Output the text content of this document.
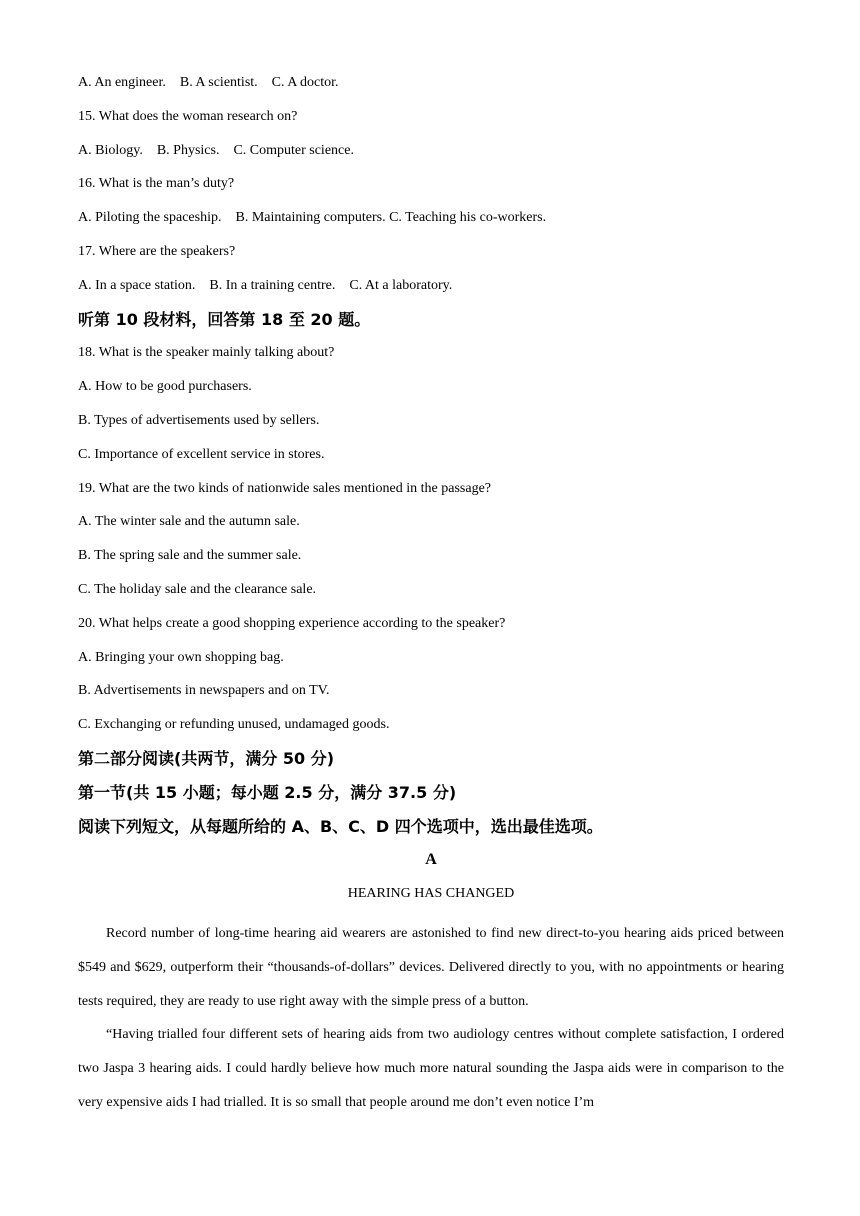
A. An engineer.    B. A scientist.    C. A doctor.
15. What does the woman research on?
A. Biology.    B. Physics.    C. Computer science.
16. What is the man’s duty?
A. Piloting the spaceship.    B. Maintaining computers. C. Teaching his co-workers.
17. Where are the speakers?
A. In a space station.    B. In a training centre.    C. At a laboratory.
听第 10 段材料，回答第 18 至 20 题。
18. What is the speaker mainly talking about?
A. How to be good purchasers.
B. Types of advertisements used by sellers.
C. Importance of excellent service in stores.
19. What are the two kinds of nationwide sales mentioned in the passage?
A. The winter sale and the autumn sale.
B. The spring sale and the summer sale.
C. The holiday sale and the clearance sale.
20. What helps create a good shopping experience according to the speaker?
A. Bringing your own shopping bag.
B. Advertisements in newspapers and on TV.
C. Exchanging or refunding unused, undamaged goods.
第二部分阅读(共两节，满分 50 分)
第一节(共 15 小题；每小题 2.5 分，满分 37.5 分)
阅读下列短文，从每题所给的 A、B、C、D 四个选项中，选出最佳选项。
A
HEARING HAS CHANGED

Record number of long-time hearing aid wearers are astonished to find new direct-to-you hearing aids priced between $549 and $629, outperform their “thousands-of-dollars” devices. Delivered directly to you, with no appointments or hearing tests required, they are ready to use right away with the simple press of a button.

“Having trialled four different sets of hearing aids from two audiology centres without complete satisfaction, I ordered two Jaspa 3 hearing aids. I could hardly believe how much more natural sounding the Jaspa aids were in comparison to the very expensive aids I had trialled. It is so small that people around me don’t even notice I’m
